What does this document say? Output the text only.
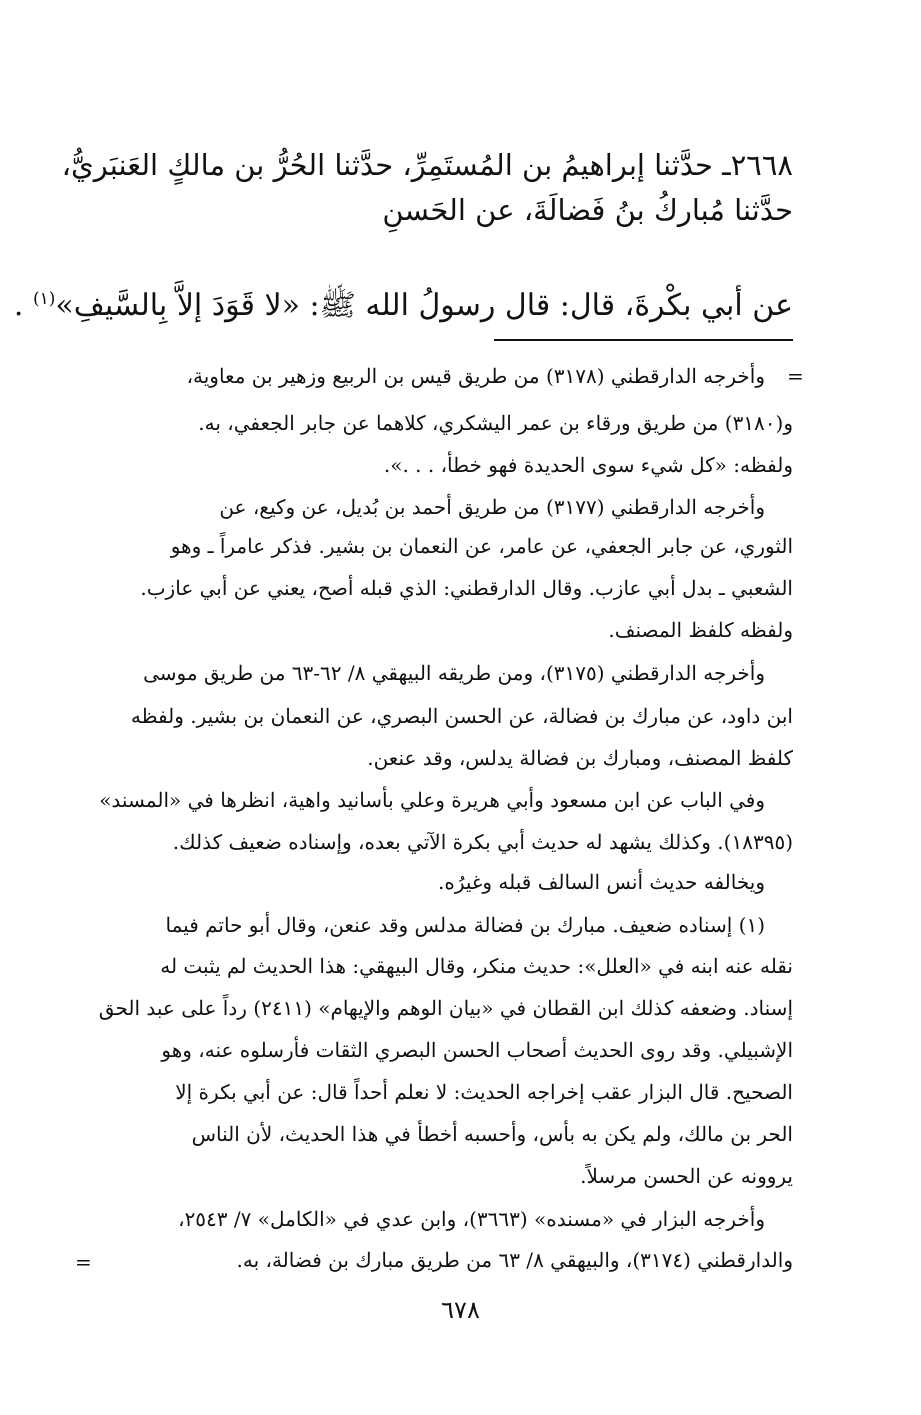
٢٦٦٨ـ حدَّثنا إبراهيمُ بن المُستَمِرِّ، حدَّثنا الحُرُّ بن مالكٍ العَنبَريُّ،
حدَّثنا مُباركُ بنُ فَضالَةَ، عن الحَسنِ
عن أبي بكْرةَ، قال: قال رسولُ الله ﷺ: «لا قَوَدَ إلاَّ بِالسَّيفِ»$^{(١)}$ .
=
وأخرجه الدارقطني (٣١٧٨) من طريق قيس بن الربيع وزهير بن معاوية،
و(٣١٨٠) من طريق ورقاء بن عمر اليشكري، كلاهما عن جابر الجعفي، به.
ولفظه: «كل شيء سوى الحديدة فهو خطأ، . . .».
وأخرجه الدارقطني (٣١٧٧) من طريق أحمد بن بُديل، عن وكيع، عن
الثوري، عن جابر الجعفي، عن عامر، عن النعمان بن بشير. فذكر عامراً ـ وهو
الشعبي ـ بدل أبي عازب. وقال الدارقطني: الذي قبله أصح، يعني عن أبي عازب.
ولفظه كلفظ المصنف.
وأخرجه الدارقطني (٣١٧٥)، ومن طريقه البيهقي ٨/ ٦٢-٦٣ من طريق موسى
ابن داود، عن مبارك بن فضالة، عن الحسن البصري، عن النعمان بن بشير. ولفظه
كلفظ المصنف، ومبارك بن فضالة يدلس، وقد عنعن.
وفي الباب عن ابن مسعود وأبي هريرة وعلي بأسانيد واهية، انظرها في «المسند»
(١٨٣٩٥). وكذلك يشهد له حديث أبي بكرة الآتي بعده، وإسناده ضعيف كذلك.
ويخالفه حديث أنس السالف قبله وغيرُه.
(١) إسناده ضعيف. مبارك بن فضالة مدلس وقد عنعن، وقال أبو حاتم فيما
نقله عنه ابنه في «العلل»: حديث منكر، وقال البيهقي: هذا الحديث لم يثبت له
إسناد. وضعفه كذلك ابن القطان في «بيان الوهم والإيهام» (٢٤١١) رداً على عبد الحق
الإشبيلي. وقد روى الحديث أصحاب الحسن البصري الثقات فأرسلوه عنه، وهو
الصحيح. قال البزار عقب إخراجه الحديث: لا نعلم أحداً قال: عن أبي بكرة إلا
الحر بن مالك، ولم يكن به بأس، وأحسبه أخطأ في هذا الحديث، لأن الناس
يروونه عن الحسن مرسلاً.
وأخرجه البزار في «مسنده» (٣٦٦٣)، وابن عدي في «الكامل» ٧/ ٢٥٤٣،
والدارقطني (٣١٧٤)، والبيهقي ٨/ ٦٣ من طريق مبارك بن فضالة، به.
=
٦٧٨
